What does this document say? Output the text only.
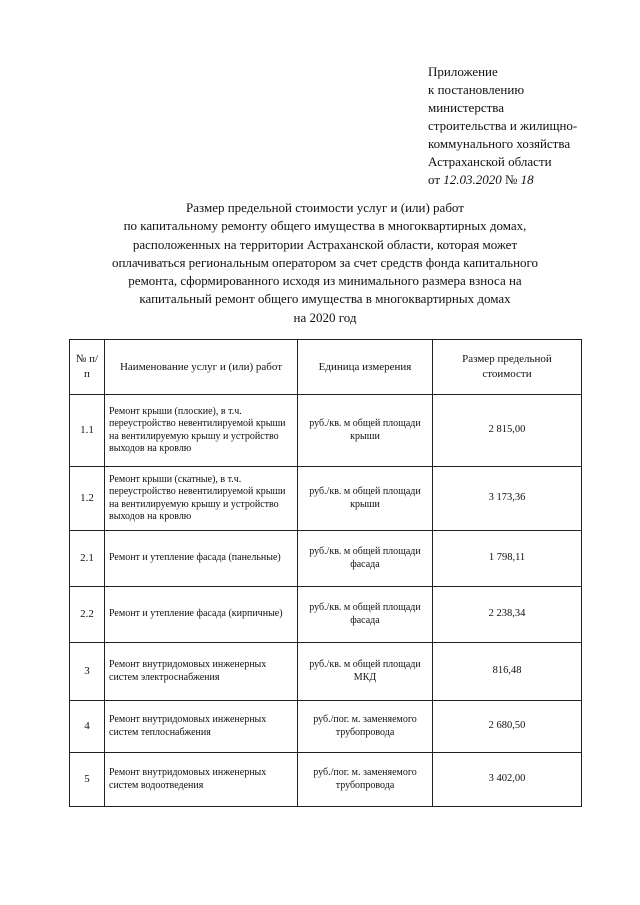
Приложение
к постановлению
министерства
строительства и жилищно-
коммунального хозяйства
Астраханской области
от 12.03.2020 № 18
Размер предельной стоимости услуг и (или) работ
по капитальному ремонту общего имущества в многоквартирных домах,
расположенных на территории Астраханской области, которая может
оплачиваться региональным оператором за счет средств фонда капитального
ремонта, сформированного исходя из минимального размера взноса на
капитальный ремонт общего имущества в многоквартирных домах
на 2020 год
№ п/п	Наименование услуг и (или) работ	Единица измерения	Размер предельной стоимости
1.1	Ремонт крыши (плоские), в т.ч. переустройство невентилируемой крыши на вентилируемую крышу и устройство выходов на кровлю	руб./кв. м общей площади крыши	2 815,00
1.2	Ремонт крыши (скатные), в т.ч. переустройство невентилируемой крыши на вентилируемую крышу и устройство выходов на кровлю	руб./кв. м общей площади крыши	3 173,36
2.1	Ремонт и утепление фасада (панельные)	руб./кв. м общей площади фасада	1 798,11
2.2	Ремонт и утепление фасада (кирпичные)	руб./кв. м общей площади фасада	2 238,34
3	Ремонт внутридомовых инженерных систем электроснабжения	руб./кв. м общей площади МКД	816,48
4	Ремонт внутридомовых инженерных систем теплоснабжения	руб./пог. м. заменяемого трубопровода	2 680,50
5	Ремонт внутридомовых инженерных систем водоотведения	руб./пог. м. заменяемого трубопровода	3 402,00
